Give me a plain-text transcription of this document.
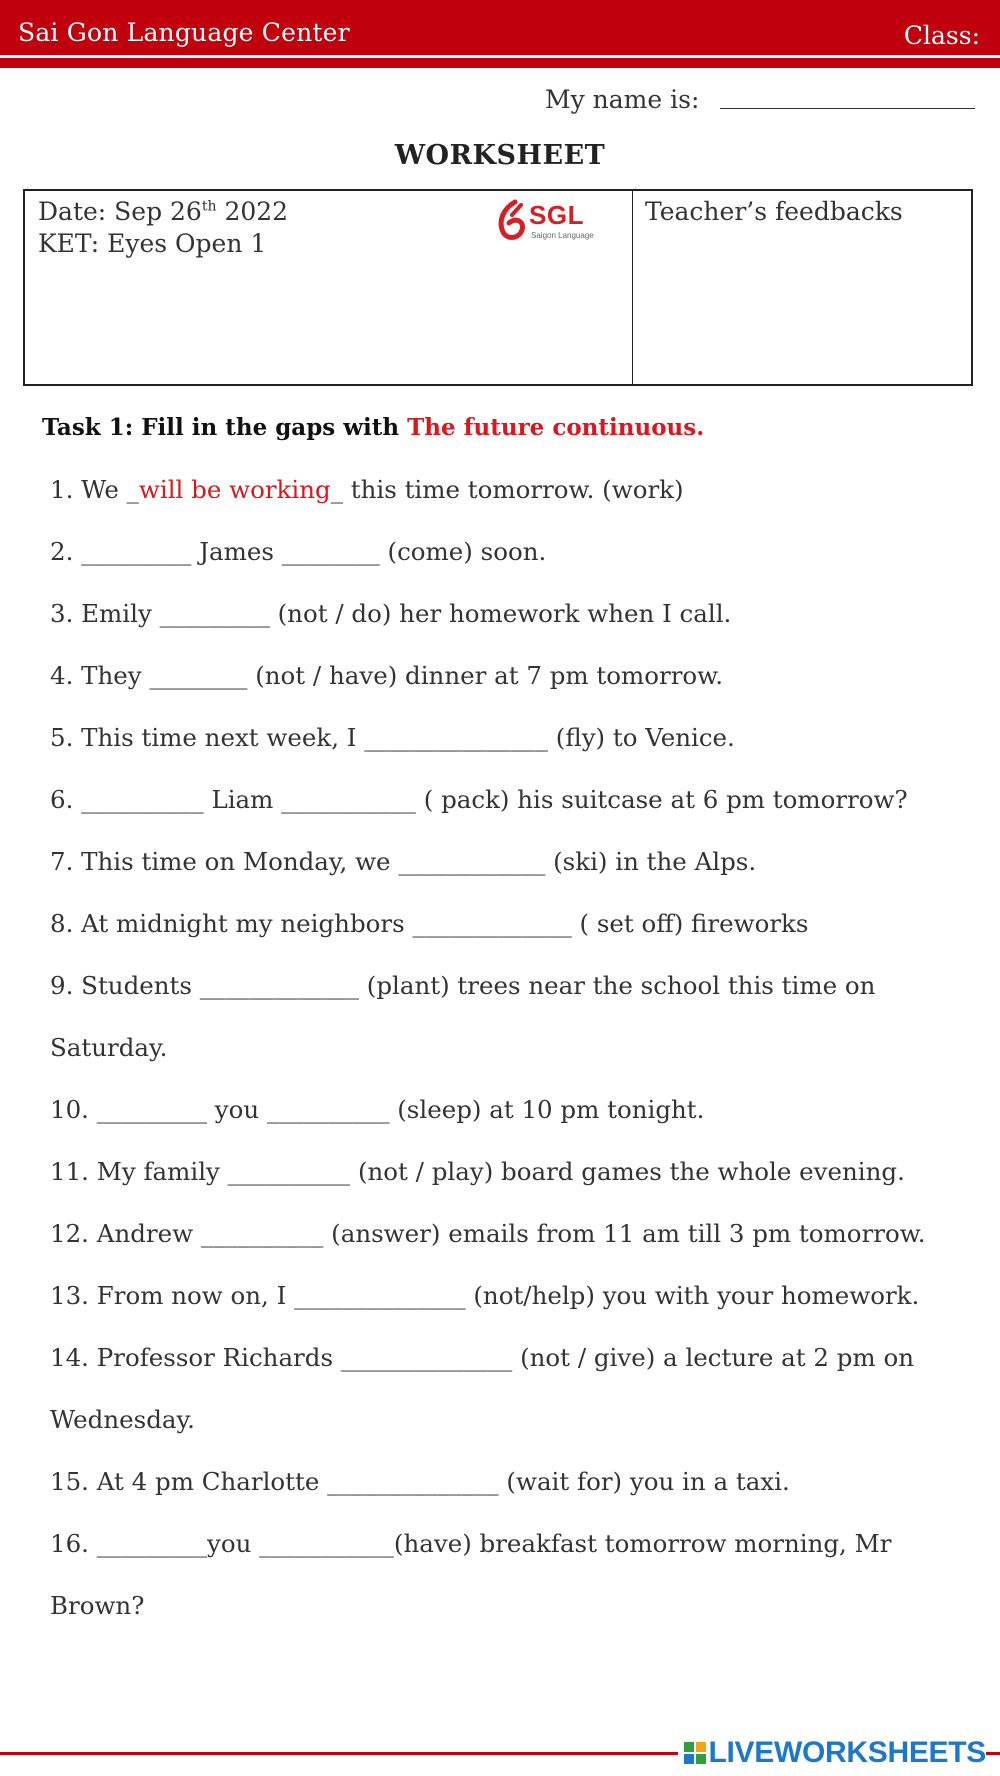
Sai Gon Language Center	Class:
My name is:
WORKSHEET
Date: Sep 26th 2022
KET: Eyes Open 1
SGL
Saigon Language
Teacher’s feedbacks
Task 1: Fill in the gaps with The future continuous.
1. We _will be working_ this time tomorrow. (work)
2. _________ James ________ (come) soon.
3. Emily _________ (not / do) her homework when I call.
4. They ________ (not / have) dinner at 7 pm tomorrow.
5. This time next week, I _______________ (fly) to Venice.
6. __________ Liam ___________ ( pack) his suitcase at 6 pm tomorrow?
7. This time on Monday, we ____________ (ski) in the Alps.
8. At midnight my neighbors _____________ ( set off) fireworks
9. Students _____________ (plant) trees near the school this time on
Saturday.
10. _________ you __________ (sleep) at 10 pm tonight.
11. My family __________ (not / play) board games the whole evening.
12. Andrew __________ (answer) emails from 11 am till 3 pm tomorrow.
13. From now on, I ______________ (not/help) you with your homework.
14. Professor Richards ______________ (not / give) a lecture at 2 pm on
Wednesday.
15. At 4 pm Charlotte ______________ (wait for) you in a taxi.
16. _________you ___________(have) breakfast tomorrow morning, Mr
Brown?
LIVEWORKSHEETS
